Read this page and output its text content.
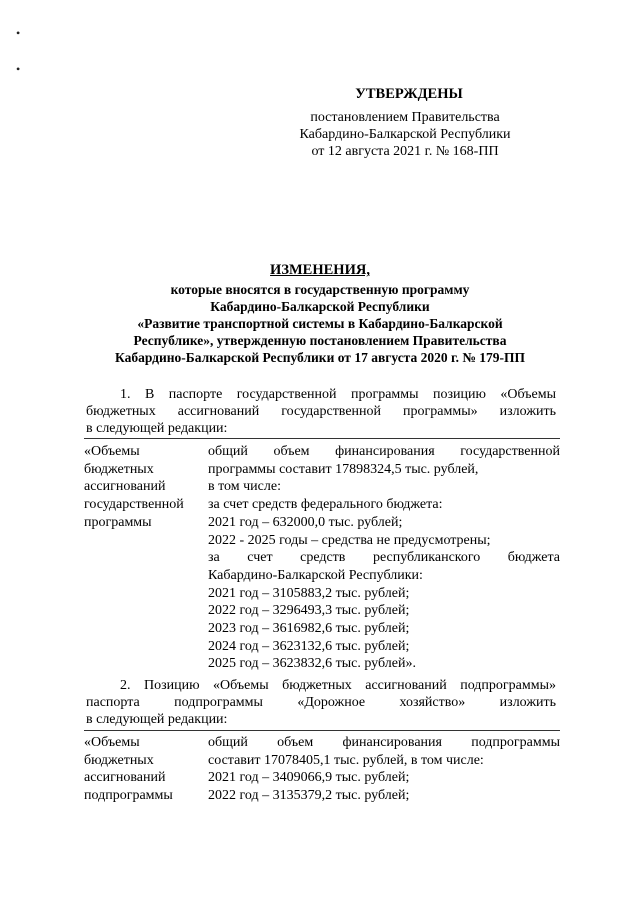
•
•
УТВЕРЖДЕНЫ
постановлением Правительства
Кабардино-Балкарской Республики
от 12 августа 2021 г. № 168-ПП
ИЗМЕНЕНИЯ,
которые вносятся в государственную программу
Кабардино-Балкарской Республики
«Развитие транспортной системы в Кабардино-Балкарской
Республике», утвержденную постановлением Правительства
Кабардино-Балкарской Республики от 17 августа 2020 г. № 179-ПП
1. В паспорте государственной программы позицию «Объемы
бюджетных ассигнований государственной программы» изложить
в следующей редакции:
«Объемы
бюджетных
ассигнований
государственной
программы
общий объем финансирования государственной
программы составит 17898324,5 тыс. рублей,
в том числе:
за счет средств федерального бюджета:
2021 год – 632000,0 тыс. рублей;
2022 - 2025 годы – средства не предусмотрены;
за счет средств республиканского бюджета
Кабардино-Балкарской Республики:
2021 год – 3105883,2 тыс. рублей;
2022 год – 3296493,3 тыс. рублей;
2023 год – 3616982,6 тыс. рублей;
2024 год – 3623132,6 тыс. рублей;
2025 год – 3623832,6 тыс. рублей».
2. Позицию «Объемы бюджетных ассигнований подпрограммы»
паспорта подпрограммы «Дорожное хозяйство» изложить
в следующей редакции:
«Объемы
бюджетных
ассигнований
подпрограммы
общий объем финансирования подпрограммы
составит 17078405,1 тыс. рублей, в том числе:
2021 год – 3409066,9 тыс. рублей;
2022 год – 3135379,2 тыс. рублей;
